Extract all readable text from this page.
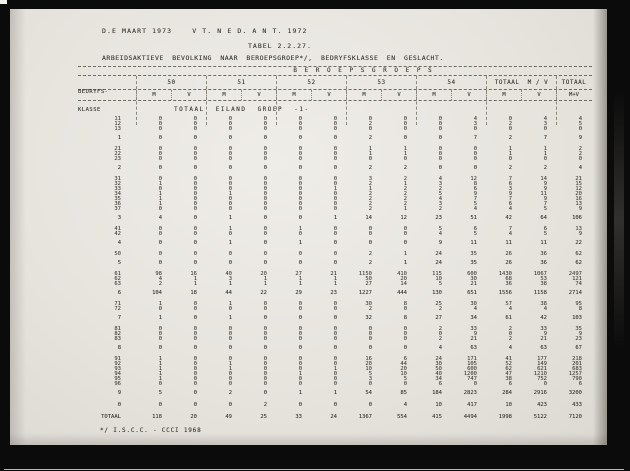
D.E MAART 1973    V T. N E D. A N T. 1972
TABEL 2.2.27.
ARBEIDSAKTIEVE BEVOLKING NAAR BEROEPSGROEP*/, BEDRYFSKLASSE EN GESLACHT.
B E R O E P S G R O E P S

BEDRYFS-

KLASSE

50	51	52	53	54	TOTAAL  M / V	TOTAAL
M	V	M	V	M	V	M	V	M	V	M	V	M+V
TOTAAL EILAND GROEP -1-
11	0	0	0	0	0	0	0	0	0	4	0	4	4
12	0	0	0	0	0	0	2	0	0	3	2	3	5
13	0	0	0	0	0	0	0	0	0	0	0	0	0
1	0	0	0	0	0	0	2	0	0	7	2	7	9
21	0	0	0	0	0	0	1	1	0	0	1	1	2
22	0	0	0	0	0	0	1	1	0	0	1	1	2
23	0	0	0	0	0	0	0	0	0	0	0	0	0
2	0	0	0	0	0	0	2	2	0	0	2	2	4
31	0	0	0	0	0	0	3	2	4	12	7	14	21
32	1	0	0	0	0	0	2	1	3	8	6	9	15
33	0	0	0	0	0	1	1	2	2	6	3	9	12
34	1	0	1	0	0	0	2	2	5	9	9	11	20
35	1	0	0	0	0	0	2	2	4	7	7	9	16
36	1	0	0	0	0	0	2	2	3	5	6	7	13
37	0	0	0	0	0	0	2	1	2	4	4	5	9
3	4	0	1	0	0	1	14	12	23	51	42	64	106
41	0	0	1	0	1	0	0	0	5	6	7	6	13
42	0	0	0	0	0	0	0	0	4	5	4	5	9
4	0	0	1	0	1	0	0	0	9	11	11	11	22
50	0	0	0	0	0	0	2	1	24	35	26	36	62
5	0	0	0	0	0	0	2	1	24	35	26	36	62
61	98	16	40	20	27	21	1150	410	115	600	1430	1067	2497
62	4	1	3	1	1	1	50	20	10	30	68	53	121
63	2	1	1	1	1	1	27	14	5	21	36	38	74
6	104	18	44	22	29	23	1227	444	130	651	1556	1158	2714
71	1	0	1	0	0	0	30	8	25	30	57	38	95
72	0	0	0	0	0	0	2	0	2	4	4	4	8
7	1	0	1	0	0	0	32	8	27	34	61	42	103
81	0	0	0	0	0	0	0	0	2	33	2	33	35
82	0	0	0	0	0	0	0	0	0	9	0	9	9
83	0	0	0	0	0	0	0	0	2	21	2	21	23
8	0	0	0	0	0	0	0	0	4	63	4	63	67
91	1	0	0	0	0	0	16	6	24	171	41	177	218
92	1	0	1	0	0	0	20	44	30	105	52	149	201
93	1	0	1	0	0	1	10	20	50	600	62	621	683
94	1	0	0	0	1	0	5	10	40	1200	47	1210	1257
95	1	0	0	0	0	0	3	5	34	747	38	752	790
96	0	0	0	0	0	0	0	0	6	0	6	0	6
9	5	0	2	0	1	1	54	85	184	2823	284	2916	3200
0	0	0	0	2	0	0	0	4	10	417	10	423	433
TOTAAL	118	20	49	25	33	24	1367	554	415	4494	1998	5122	7120
*/ I.S.C.C. - CCCI 1968
